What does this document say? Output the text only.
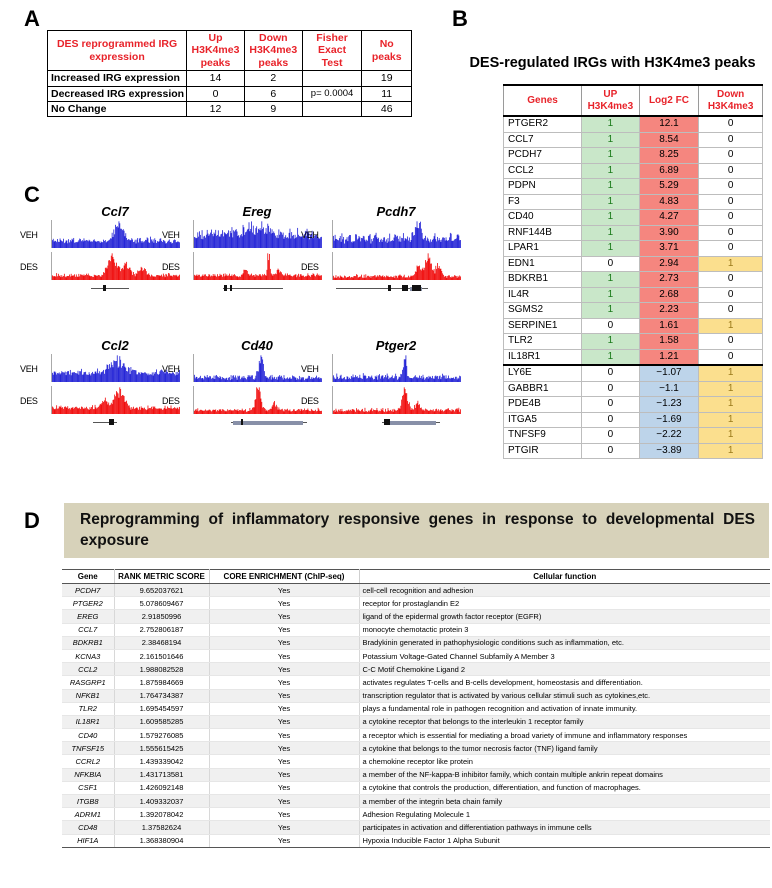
A
DES reprogrammed IRG expression	Up
H3K4me3
peaks	Down
H3K4me3
peaks	Fisher
Exact
Test	No
peaks
Increased IRG expression	14	2		19
Decreased IRG expression	0	6	p= 0.0004	11
No Change	12	9		46
B
DES-regulated IRGs with H3K4me3 peaks
Genes	UP
H3K4me3	Log2 FC	Down
H3K4me3
PTGER2	1	12.1	0
CCL7	1	8.54	0
PCDH7	1	8.25	0
CCL2	1	6.89	0
PDPN	1	5.29	0
F3	1	4.83	0
CD40	1	4.27	0
RNF144B	1	3.90	0
LPAR1	1	3.71	0
EDN1	0	2.94	1
BDKRB1	1	2.73	0
IL4R	1	2.68	0
SGMS2	1	2.23	0
SERPINE1	0	1.61	1
TLR2	1	1.58	0
IL18R1	1	1.21	0
LY6E	0	−1.07	1
GABBR1	0	−1.1	1
PDE4B	0	−1.23	1
ITGA5	0	−1.69	1
TNFSF9	0	−2.22	1
PTGIR	0	−3.89	1
C
Ccl7
VEH
DES
Ereg
VEH
DES
Pcdh7
VEH
DES
Ccl2
VEH
DES
Cd40
VEH
DES
Ptger2
VEH
DES
D	Reprogramming of inflammatory responsive genes in response to developmental DES exposure
Gene	RANK METRIC SCORE	CORE ENRICHMENT (ChIP-seq)	Cellular function
PCDH7	9.652037621	Yes	cell-cell recognition and adhesion
PTGER2	5.078609467	Yes	receptor for prostaglandin E2
EREG	2.91850996	Yes	ligand of the epidermal growth factor receptor (EGFR)
CCL7	2.752806187	Yes	monocyte chemotactic protein 3
BDKRB1	2.38468194	Yes	Bradykinin generated in pathophysiologic conditions such as inflammation, etc.
KCNA3	2.161501646	Yes	Potassium Voltage-Gated Channel Subfamily A Member 3
CCL2	1.988082528	Yes	C-C Motif Chemokine Ligand 2
RASGRP1	1.875984669	Yes	activates regulates T-cells and B-cells development, homeostasis and differentiation.
NFKB1	1.764734387	Yes	transcription regulator that is activated by various cellular stimuli such as cytokines,etc.
TLR2	1.695454597	Yes	plays a fundamental role in pathogen recognition and activation of innate immunity.
IL18R1	1.609585285	Yes	a cytokine receptor that belongs to the interleukin 1 receptor family
CD40	1.579276085	Yes	a receptor which is essential for mediating a broad variety of immune and inflammatory responses
TNFSF15	1.555615425	Yes	a cytokine that belongs to the tumor necrosis factor (TNF) ligand family
CCRL2	1.439339042	Yes	a chemokine receptor like protein
NFKBIA	1.431713581	Yes	a member of the NF-kappa-B inhibitor family, which contain multiple ankrin repeat domains
CSF1	1.426092148	Yes	a cytokine that controls the production, differentiation, and function of macrophages.
ITGB8	1.409332037	Yes	a member of the integrin beta chain family
ADRM1	1.392078042	Yes	Adhesion Regulating Molecule 1
CD48	1.37582624	Yes	participates in activation and differentiation pathways in immune cells
HIF1A	1.368380904	Yes	Hypoxia Inducible Factor 1 Alpha Subunit
